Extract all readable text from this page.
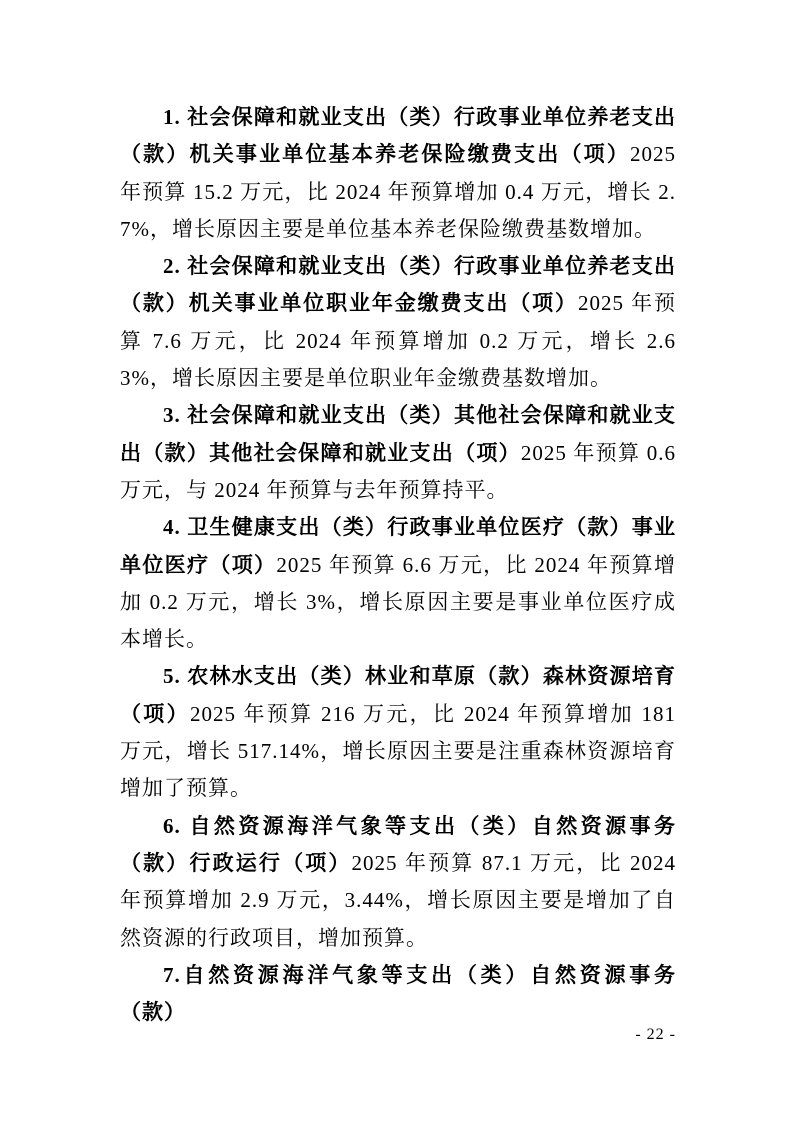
1. 社会保障和就业支出（类）行政事业单位养老支出（款）机关事业单位基本养老保险缴费支出（项）2025 年预算 15.2 万元，比 2024 年预算增加 0.4 万元，增长 2.7%，增长原因主要是单位基本养老保险缴费基数增加。

2. 社会保障和就业支出（类）行政事业单位养老支出（款）机关事业单位职业年金缴费支出（项）2025 年预算 7.6 万元，比 2024 年预算增加 0.2 万元，增长 2.63%，增长原因主要是单位职业年金缴费基数增加。

3. 社会保障和就业支出（类）其他社会保障和就业支出（款）其他社会保障和就业支出（项）2025 年预算 0.6 万元，与 2024 年预算与去年预算持平。

4. 卫生健康支出（类）行政事业单位医疗（款）事业单位医疗（项）2025 年预算 6.6 万元，比 2024 年预算增加 0.2 万元，增长 3%，增长原因主要是事业单位医疗成本增长。

5. 农林水支出（类）林业和草原（款）森林资源培育（项）2025 年预算 216 万元，比 2024 年预算增加 181 万元，增长 517.14%，增长原因主要是注重森林资源培育增加了预算。

6. 自然资源海洋气象等支出（类）自然资源事务（款）行政运行（项）2025 年预算 87.1 万元，比 2024 年预算增加 2.9 万元，3.44%，增长原因主要是增加了自然资源的行政项目，增加预算。

7.自然资源海洋气象等支出（类）自然资源事务（款）

- 22 -
